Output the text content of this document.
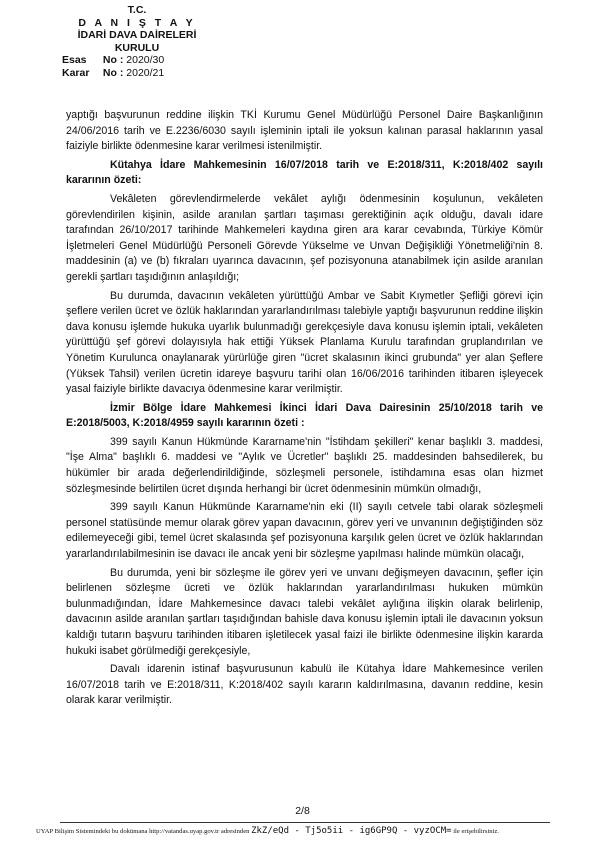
T.C.
D A N I Ş T A Y
İDARİ DAVA DAİRELERİ
KURULU
Esas No : 2020/30
Karar No : 2020/21

yaptığı başvurunun reddine ilişkin TKİ Kurumu Genel Müdürlüğü Personel Daire Başkanlığının 24/06/2016 tarih ve E.2236/6030 sayılı işleminin iptali ile yoksun kalınan parasal haklarının yasal faiziyle birlikte ödenmesine karar verilmesi istenilmiştir.

Kütahya İdare Mahkemesinin 16/07/2018 tarih ve E:2018/311, K:2018/402 sayılı kararının özeti:

Vekâleten görevlendirmelerde vekâlet aylığı ödenmesinin koşulunun, vekâleten görevlendirilen kişinin, asilde aranılan şartları taşıması gerektiğinin açık olduğu, davalı idare tarafından 26/10/2017 tarihinde Mahkemeleri kaydına giren ara karar cevabında, Türkiye Kömür İşletmeleri Genel Müdürlüğü Personeli Görevde Yükselme ve Unvan Değişikliği Yönetmeliği'nin 8. maddesinin (a) ve (b) fıkraları uyarınca davacının, şef pozisyonuna atanabilmek için asilde aranılan gerekli şartları taşıdığının anlaşıldığı;

Bu durumda, davacının vekâleten yürüttüğü Ambar ve Sabit Kıymetler Şefliği görevi için şeflere verilen ücret ve özlük haklarından yararlandırılması talebiyle yaptığı başvurunun reddine ilişkin dava konusu işlemde hukuka uyarlık bulunmadığı gerekçesiyle dava konusu işlemin iptali, vekâleten yürüttüğü şef görevi dolayısıyla hak ettiği Yüksek Planlama Kurulu tarafından gruplandırılan ve Yönetim Kurulunca onaylanarak yürürlüğe giren "ücret skalasının ikinci grubunda" yer alan Şeflere (Yüksek Tahsil) verilen ücretin idareye başvuru tarihi olan 16/06/2016 tarihinden itibaren işleyecek yasal faiziyle birlikte davacıya ödenmesine karar verilmiştir.

İzmir Bölge İdare Mahkemesi İkinci İdari Dava Dairesinin 25/10/2018 tarih ve E:2018/5003, K:2018/4959 sayılı kararının özeti :

399 sayılı Kanun Hükmünde Kararname'nin "İstihdam şekilleri" kenar başlıklı 3. maddesi, "İşe Alma" başlıklı 6. maddesi ve "Aylık ve Ücretler" başlıklı 25. maddesinden bahsedilerek, bu hükümler bir arada değerlendirildiğinde, sözleşmeli personele, istihdamına esas olan hizmet sözleşmesinde belirtilen ücret dışında herhangi bir ücret ödenmesinin mümkün olmadığı,

399 sayılı Kanun Hükmünde Kararname'nin eki (II) sayılı cetvele tabi olarak sözleşmeli personel statüsünde memur olarak görev yapan davacının, görev yeri ve unvanının değiştiğinden söz edilemeyeceği gibi, temel ücret skalasında şef pozisyonuna karşılık gelen ücret ve özlük haklarından yararlandırılabilmesinin ise davacı ile ancak yeni bir sözleşme yapılması halinde mümkün olacağı,

Bu durumda, yeni bir sözleşme ile görev yeri ve unvanı değişmeyen davacının, şefler için belirlenen sözleşme ücreti ve özlük haklarından yararlandırılması hukuken mümkün bulunmadığından, İdare Mahkemesince davacı talebi vekâlet aylığına ilişkin olarak belirlenip, davacının asilde aranılan şartları taşıdığından bahisle dava konusu işlemin iptali ile davacının yoksun kaldığı tutarın başvuru tarihinden itibaren işletilecek yasal faizi ile birlikte ödenmesine ilişkin kararda hukuki isabet görülmediği gerekçesiyle,

Davalı idarenin istinaf başvurusunun kabulü ile Kütahya İdare Mahkemesince verilen 16/07/2018 tarih ve E:2018/311, K:2018/402 sayılı kararın kaldırılmasına, davanın reddine, kesin olarak karar verilmiştir.

2/8
UYAP Bilişim Sistemindeki bu dokümana http://vatandas.uyap.gov.tr adresinden ZkZ/eQd - Tj5o5ii - ig6GP9Q - vyzOCM= ile erişebilirsiniz.
